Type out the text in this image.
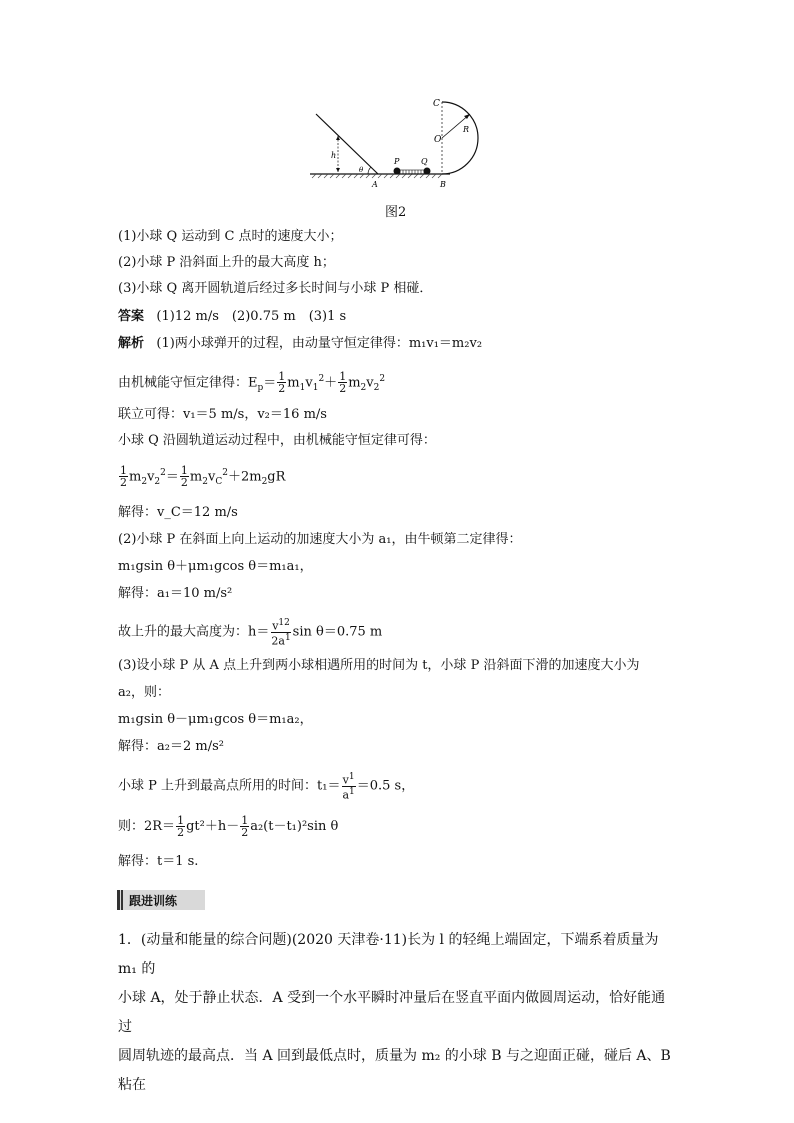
C
O
R
h
P	Q
θ
A	B
图2
(1)小球 Q 运动到 C 点时的速度大小；
(2)小球 P 沿斜面上升的最大高度 h；
(3)小球 Q 离开圆轨道后经过多长时间与小球 P 相碰．
答案 (1)12 m/s　(2)0.75 m　(3)1 s
解析 (1)两小球弹开的过程，由动量守恒定律得：m₁v₁＝m₂v₂
由机械能守恒定律得：$E_p= \frac{1}{2} m_1v_1^2+ \frac{1}{2} m_2v_2^2$
联立可得：v₁＝5 m/s，v₂＝16 m/s
小球 Q 沿圆轨道运动过程中，由机械能守恒定律可得：
$\frac{1}{2} m_2v_2^2= \frac{1}{2} m_2v_C^2+2m_2gR$
解得：v_C＝12 m/s
(2)小球 P 在斜面上向上运动的加速度大小为 a₁，由牛顿第二定律得：
m₁gsin θ＋μm₁gcos θ＝m₁a₁，
解得：a₁＝10 m/s²
故上升的最大高度为：$h= \frac{v^{12}}{2a^1}$ sin θ＝0.75 m
(3)设小球 P 从 A 点上升到两小球相遇所用的时间为 t，小球 P 沿斜面下滑的加速度大小为
a₂，则：
m₁gsin θ－μm₁gcos θ＝m₁a₂，
解得：a₂＝2 m/s²
小球 P 上升到最高点所用的时间：$t_1= \frac{v^1}{a^1} =0.5$ s，
则：$2R= \frac{1}{2} gt^2+h- \frac{1}{2} a_2(t-t_1)^2\sin$ θ
解得：t＝1 s.
跟进训练
1．(动量和能量的综合问题)(2020 天津卷·11)长为 l 的轻绳上端固定，下端系着质量为 m₁ 的
小球 A，处于静止状态．A 受到一个水平瞬时冲量后在竖直平面内做圆周运动，恰好能通过
圆周轨迹的最高点．当 A 回到最低点时，质量为 m₂ 的小球 B 与之迎面正碰，碰后 A、B 粘在
